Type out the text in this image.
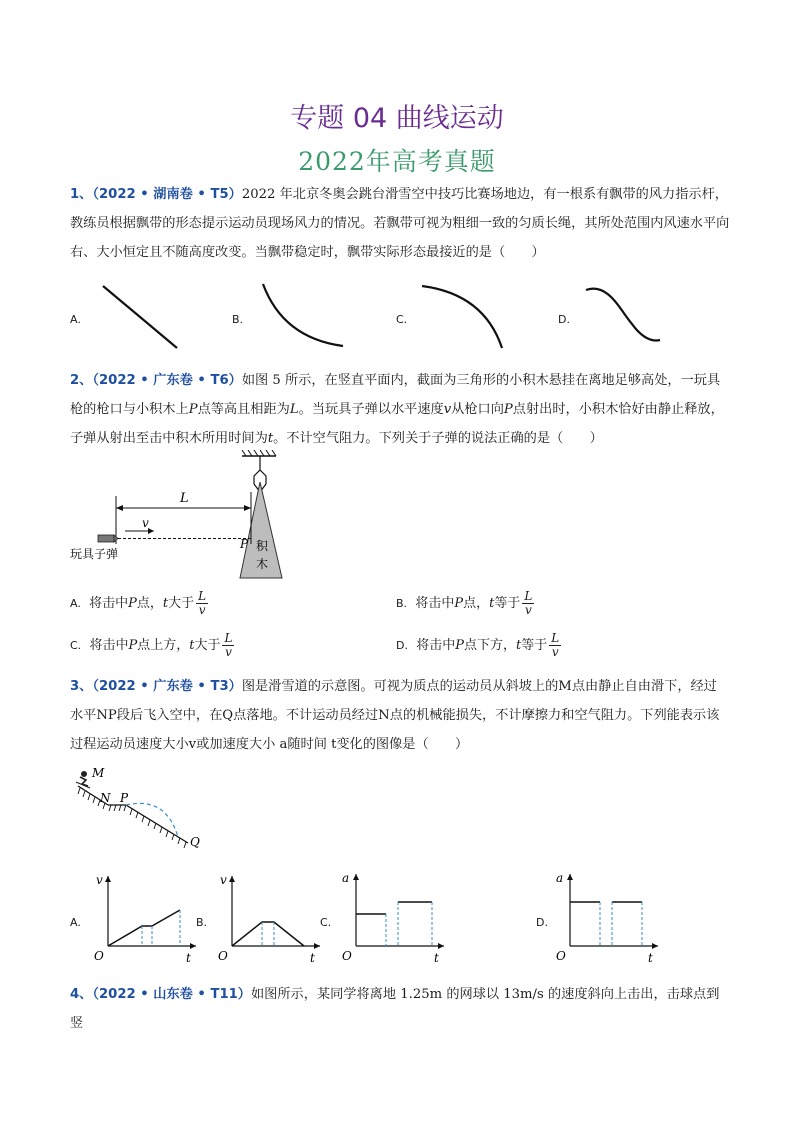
专题 04 曲线运动
2022年高考真题
1、（2022 • 湖南卷 • T5）2022 年北京冬奥会跳台滑雪空中技巧比赛场地边，有一根系有飘带的风力指示杆，教练员根据飘带的形态提示运动员现场风力的情况。若飘带可视为粗细一致的匀质长绳，其所处范围内风速水平向右、大小恒定且不随高度改变。当飘带稳定时，飘带实际形态最接近的是（　　）
A.	B.	C.	D.
2、（2022 • 广东卷 • T6）如图 5 所示，在竖直平面内，截面为三角形的小积木悬挂在离地足够高处，一玩具枪的枪口与小积木上P点等高且相距为L。当玩具子弹以水平速度v从枪口向P点射出时，小积木恰好由静止释放，子弹从射出至击中积木所用时间为t。不计空气阻力。下列关于子弹的说法正确的是（　　）
积
木
L
v
P
玩具子弹
A. 将击中P点，t大于 $\frac{L}{v}$	B. 将击中P点，t等于 $\frac{L}{v}$
C. 将击中P点上方，t大于 $\frac{L}{v}$	D. 将击中P点下方，t等于 $\frac{L}{v}$
3、（2022 • 广东卷 • T3）图是滑雪道的示意图。可视为质点的运动员从斜坡上的M点由静止自由滑下，经过水平NP段后飞入空中，在Q点落地。不计运动员经过N点的机械能损失，不计摩擦力和空气阻力。下列能表示该过程运动员速度大小v或加速度大小 a随时间 t变化的图像是（　　）
M
N P
Q
A.	B.	C.	D.
v
t
O
v
t
O
a
t
O
a
t
O
4、（2022 • 山东卷 • T11）如图所示，某同学将离地 1.25m 的网球以 13m/s 的速度斜向上击出，击球点到竖
